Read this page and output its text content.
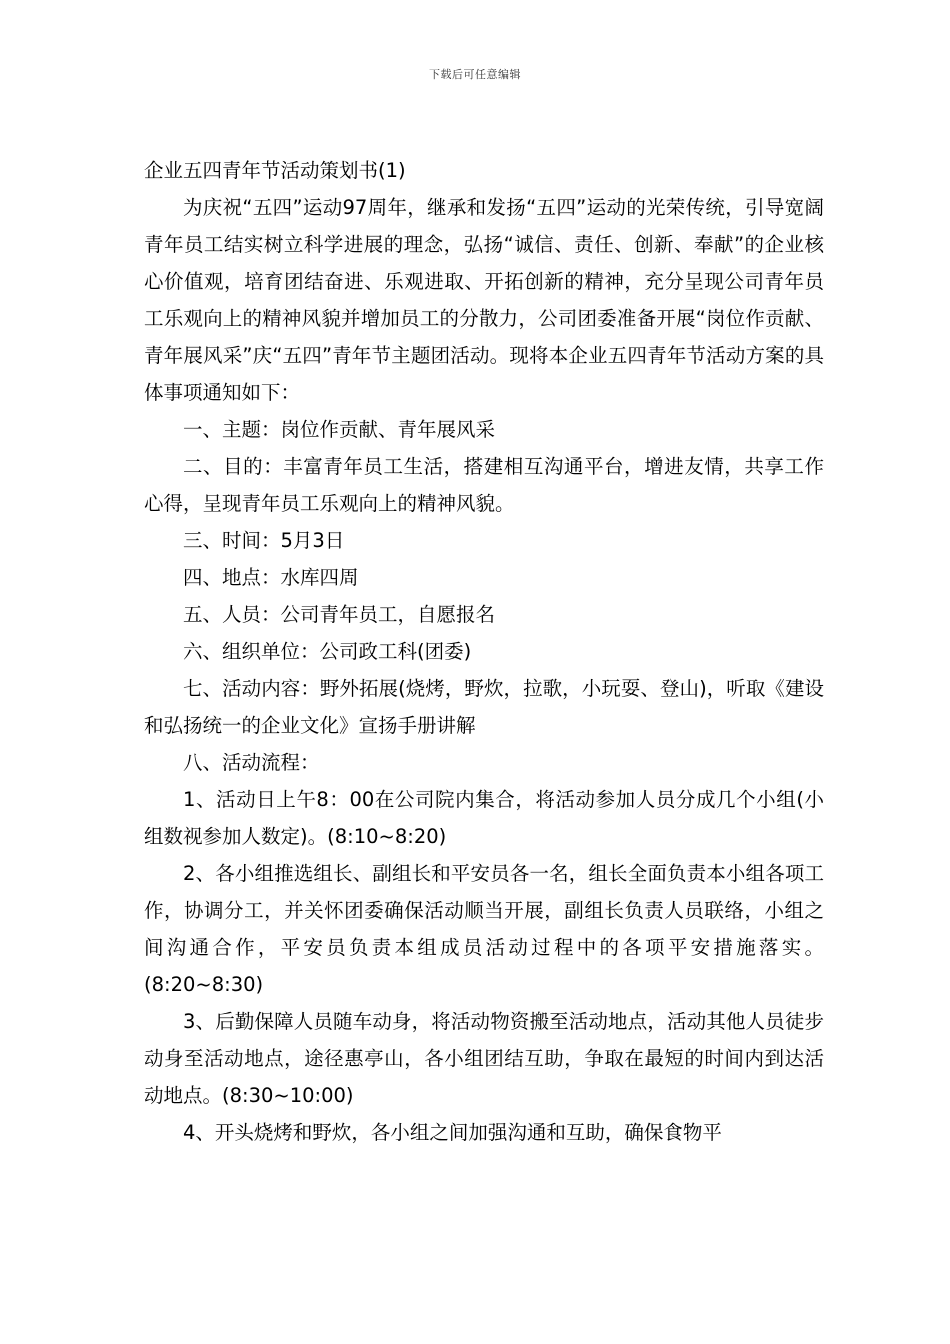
下载后可任意编辑
企业五四青年节活动策划书(1)

为庆祝“五四”运动97周年，继承和发扬“五四”运动的光荣传统，引导宽阔青年员工结实树立科学进展的理念，弘扬“诚信、责任、创新、奉献”的企业核心价值观，培育团结奋进、乐观进取、开拓创新的精神，充分呈现公司青年员工乐观向上的精神风貌并增加员工的分散力，公司团委准备开展“岗位作贡献、青年展风采”庆“五四”青年节主题团活动。现将本企业五四青年节活动方案的具体事项通知如下：

一、主题：岗位作贡献、青年展风采

二、目的：丰富青年员工生活，搭建相互沟通平台，增进友情，共享工作心得，呈现青年员工乐观向上的精神风貌。

三、时间：5月3日

四、地点：水库四周

五、人员：公司青年员工，自愿报名

六、组织单位：公司政工科(团委)

七、活动内容：野外拓展(烧烤，野炊，拉歌，小玩耍、登山)，听取《建设和弘扬统一的企业文化》宣扬手册讲解

八、活动流程：

1、活动日上午8：00在公司院内集合，将活动参加人员分成几个小组(小组数视参加人数定)。(8:10~8:20)

2、各小组推选组长、副组长和平安员各一名，组长全面负责本小组各项工作，协调分工，并关怀团委确保活动顺当开展，副组长负责人员联络，小组之间沟通合作，平安员负责本组成员活动过程中的各项平安措施落实。(8:20~8:30)

3、后勤保障人员随车动身，将活动物资搬至活动地点，活动其他人员徒步动身至活动地点，途径惠亭山，各小组团结互助，争取在最短的时间内到达活动地点。(8:30~10:00)

4、开头烧烤和野炊，各小组之间加强沟通和互助，确保食物平
